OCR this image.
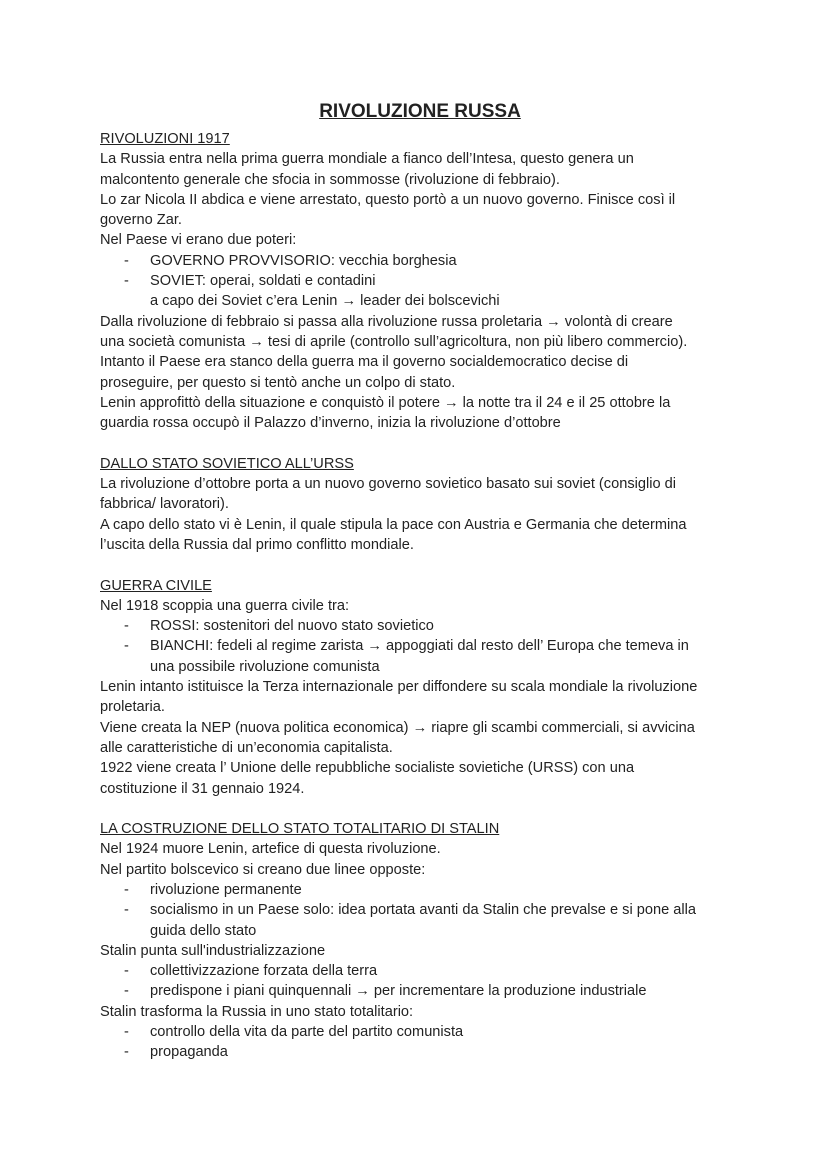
RIVOLUZIONE RUSSA
RIVOLUZIONI 1917
La Russia entra nella prima guerra mondiale a fianco dell’Intesa, questo genera un
malcontento generale che sfocia in sommosse (rivoluzione di febbraio).
Lo zar Nicola II abdica e viene arrestato, questo portò a un nuovo governo. Finisce così il
governo Zar.
Nel Paese vi erano due poteri:
- GOVERNO PROVVISORIO: vecchia borghesia
- SOVIET: operai, soldati e contadini
a capo dei Soviet c’era Lenin → leader dei bolscevichi
Dalla rivoluzione di febbraio si passa alla rivoluzione russa proletaria → volontà di creare
una società comunista → tesi di aprile (controllo sull’agricoltura, non più libero commercio).
Intanto il Paese era stanco della guerra ma il governo socialdemocratico decise di
proseguire, per questo si tentò anche un colpo di stato.
Lenin approfittò della situazione e conquistò il potere → la notte tra il 24 e il 25 ottobre la
guardia rossa occupò il Palazzo d’inverno, inizia la rivoluzione d’ottobre
DALLO STATO SOVIETICO ALL’URSS
La rivoluzione d’ottobre porta a un nuovo governo sovietico basato sui soviet (consiglio di
fabbrica/ lavoratori).
A capo dello stato vi è Lenin, il quale stipula la pace con Austria e Germania che determina
l’uscita della Russia dal primo conflitto mondiale.
GUERRA CIVILE
Nel 1918 scoppia una guerra civile tra:
- ROSSI: sostenitori del nuovo stato sovietico
- BIANCHI: fedeli al regime zarista → appoggiati dal resto dell’ Europa che temeva in
una possibile rivoluzione comunista
Lenin intanto istituisce la Terza internazionale per diffondere su scala mondiale la rivoluzione
proletaria.
Viene creata la NEP (nuova politica economica) → riapre gli scambi commerciali, si avvicina
alle caratteristiche di un’economia capitalista.
1922 viene creata l’ Unione delle repubbliche socialiste sovietiche (URSS) con una
costituzione il 31 gennaio 1924.
LA COSTRUZIONE DELLO STATO TOTALITARIO DI STALIN
Nel 1924 muore Lenin, artefice di questa rivoluzione.
Nel partito bolscevico si creano due linee opposte:
- rivoluzione permanente
- socialismo in un Paese solo: idea portata avanti da Stalin che prevalse e si pone alla
guida dello stato
Stalin punta sull'industrializzazione
- collettivizzazione forzata della terra
- predispone i piani quinquennali → per incrementare la produzione industriale
Stalin trasforma la Russia in uno stato totalitario:
- controllo della vita da parte del partito comunista
- propaganda
